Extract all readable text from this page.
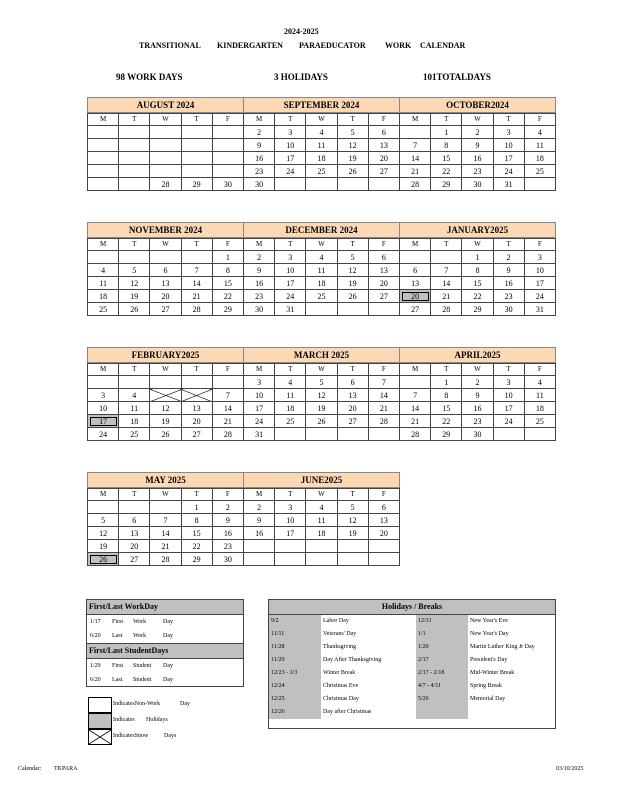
2024-2025
TRANSITIONAL KINDERGARTEN PARAEDUCATOR WORK CALENDAR
98 WORK DAYS	3 HOLIDAYS	101TOTALDAYS
AUGUST 2024
M	T	W	T	F

		28	29	30
SEPTEMBER 2024
M	T	W	T	F
2	3	4	5	6
9	10	11	12	13
16	17	18	19	20
23	24	25	26	27
30				
OCTOBER2024
M	T	W	T	F
	1	2	3	4
7	8	9	10	11
14	15	16	17	18
21	22	23	24	25
28	29	30	31	
NOVEMBER 2024
M	T	W	T	F
				1
4	5	6	7	8
11	12	13	14	15
18	19	20	21	22
25	26	27	28	29
DECEMBER 2024
M	T	W	T	F
2	3	4	5	6
9	10	11	12	13
16	17	18	19	20
23	24	25	26	27
30	31			
JANUARY2025
M	T	W	T	F
		1	2	3
6	7	8	9	10
13	14	15	16	17
20	21	22	23	24
27	28	29	30	31
FEBRUARY2025
M	T	W	T	F

3	4			7
10	11	12	13	14
17	18	19	20	21
24	25	26	27	28
MARCH 2025
M	T	W	T	F
3	4	5	6	7
10	11	12	13	14
17	18	19	20	21
24	25	26	27	28
31				
APRIL2025
M	T	W	T	F
	1	2	3	4
7	8	9	10	11
14	15	16	17	18
21	22	23	24	25
28	29	30		
MAY 2025
M	T	W	T	F
			1	2
5	6	7	8	9
12	13	14	15	16
19	20	21	22	23
26	27	28	29	30
JUNE2025
M	T	W	T	F
2	3	4	5	6
9	10	11	12	13
16	17	18	19	20

First/Last WorkDay
1/17 First Work	Day
6/20 Last Work	Day
First/Last StudentDays
1/29 First Student Day
6/20 Last Student Day
Holidays / Breaks
9/2	Labor Day	12/31	New Year's Eve
11/11	Veterans' Day	1/1	New Year's Day
11/28	Thanksgiving	1/20	Martin Luther King Jr Day
11/29	Day After Thanksgiving	2/17	President's Day
12/23 - 1/3	Winter Break	2/17 - 2/18	Mid-Winter Break
12/24	Christmas Eve	4/7 - 4/11	Spring Break
12/25	Christmas Day	5/26	Memorial Day
12/26	Day after Christmas		
IndicatesNon-Work	Day
Indicates Holidays
IndicatesSnow	Days
Calendar: TKPARA	03/10/2025
